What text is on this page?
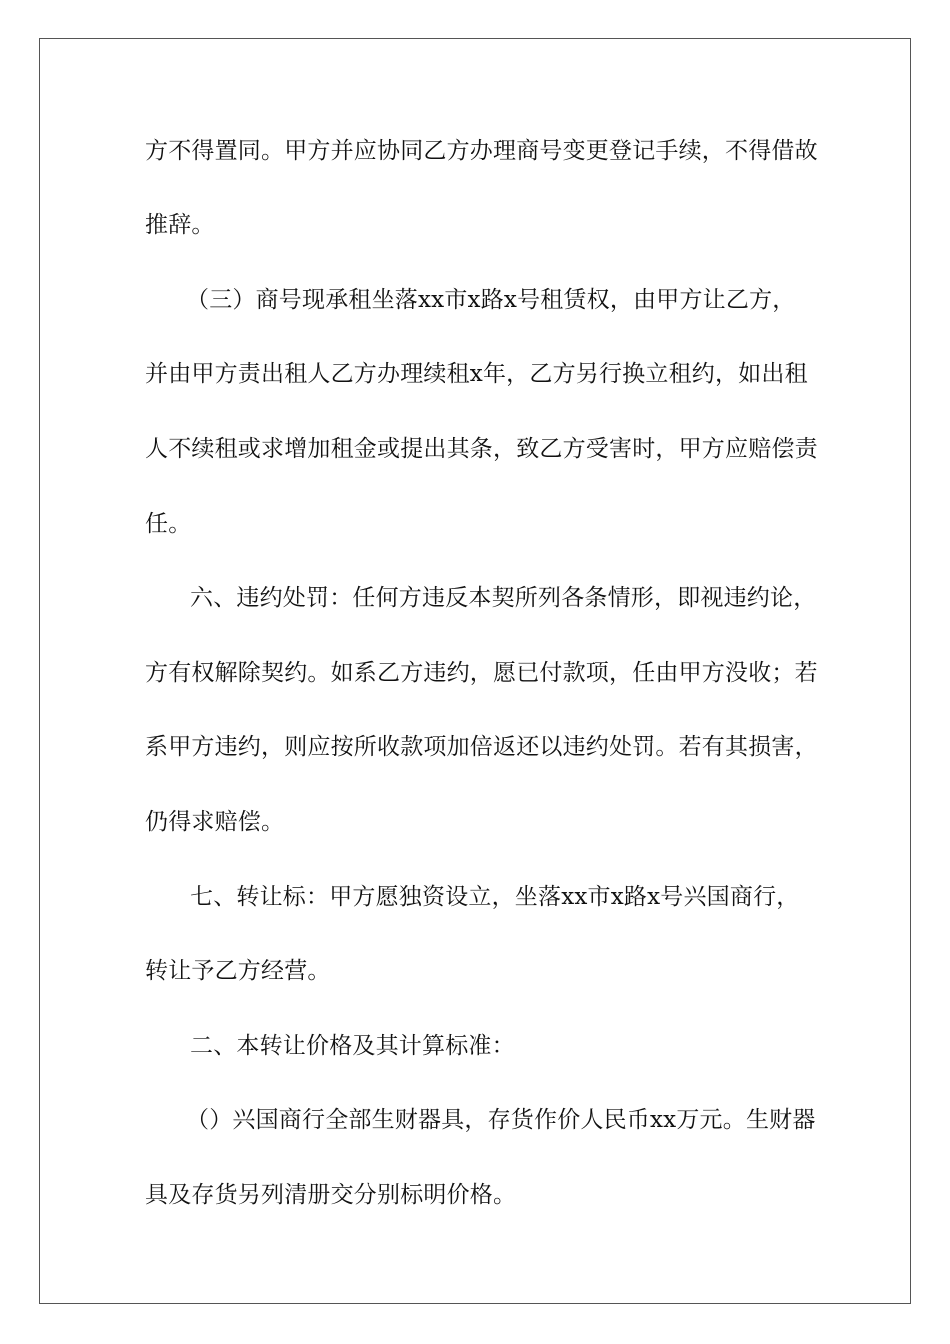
方不得置同。甲方并应协同乙方办理商号变更登记手续，不得借故
推辞。
（三）商号现承租坐落xx市x路x号租赁权，由甲方让乙方，
并由甲方责出租人乙方办理续租x年，乙方另行换立租约，如出租
人不续租或求增加租金或提出其条，致乙方受害时，甲方应赔偿责
任。
六、违约处罚：任何方违反本契所列各条情形，即视违约论，
方有权解除契约。如系乙方违约，愿已付款项，任由甲方没收；若
系甲方违约，则应按所收款项加倍返还以违约处罚。若有其损害，
仍得求赔偿。
七、转让标：甲方愿独资设立，坐落xx市x路x号兴国商行，
转让予乙方经营。
二、本转让价格及其计算标准：
（）兴国商行全部生财器具，存货作价人民币xx万元。生财器
具及存货另列清册交分别标明价格。
